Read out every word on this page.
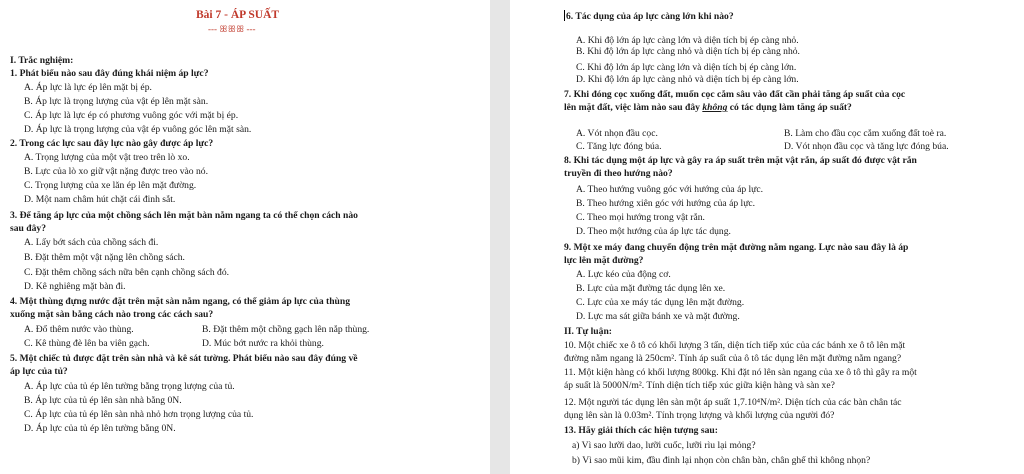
Bài 7 - ÁP SUẤT
--- ꕥꕥꕥ ---
I. Trắc nghiệm:
1. Phát biểu nào sau đây đúng khái niệm áp lực?
A. Áp lực là lực ép lên mặt bị ép.
B. Áp lực là trọng lượng của vật ép lên mặt sàn.
C. Áp lực là lực ép có phương vuông góc với mặt bị ép.
D. Áp lực là trọng lượng của vật ép vuông góc lên mặt sàn.
2. Trong các lực sau đây lực nào gây được áp lực?
A. Trọng lượng của một vật treo trên lò xo.
B. Lực của lò xo giữ vật nặng được treo vào nó.
C. Trọng lượng của xe lăn ép lên mặt đường.
D. Một nam châm hút chặt cái đinh sắt.
3. Để tăng áp lực của một chồng sách lên mặt bàn nằm ngang ta có thể chọn cách nào
sau đây?
A. Lấy bớt sách của chồng sách đi.
B. Đặt thêm một vật nặng lên chồng sách.
C. Đặt thêm chồng sách nữa bên cạnh chồng sách đó.
D. Kê nghiêng mặt bàn đi.
4. Một thùng đựng nước đặt trên mặt sàn nằm ngang, có thể giảm áp lực của thùng
xuống mặt sàn bằng cách nào trong các cách sau?
A. Đổ thêm nước vào thùng.	B. Đặt thêm một chồng gạch lên nắp thùng.
C. Kê thùng đè lên ba viên gạch.	D. Múc bớt nước ra khỏi thùng.
5. Một chiếc tủ được đặt trên sàn nhà và kê sát tường. Phát biểu nào sau đây đúng về
áp lực của tủ?
A. Áp lực của tủ ép lên tường bằng trọng lượng của tủ.
B. Áp lực của tủ ép lên sàn nhà bằng 0N.
C. Áp lực của tủ ép lên sàn nhà nhỏ hơn trọng lượng của tủ.
D. Áp lực của tủ ép lên tường bằng 0N.
6. Tác dụng của áp lực càng lớn khi nào?
A. Khi độ lớn áp lực càng lớn và diện tích bị ép càng nhỏ.
B. Khi độ lớn áp lực càng nhỏ và diện tích bị ép càng nhỏ.
C. Khi độ lớn áp lực càng lớn và diện tích bị ép càng lớn.
D. Khi độ lớn áp lực càng nhỏ và diện tích bị ép càng lớn.
7. Khi đóng cọc xuống đất, muốn cọc cắm sâu vào đất cần phải tăng áp suất của cọc
lên mặt đất, việc làm nào sau đây không có tác dụng làm tăng áp suất?
A. Vót nhọn đầu cọc.	B. Làm cho đầu cọc cắm xuống đất toè ra.
C. Tăng lực đóng búa.	D. Vót nhọn đầu cọc và tăng lực đóng búa.
8. Khi tác dụng một áp lực và gây ra áp suất trên mặt vật rắn, áp suất đó được vật rắn
truyền đi theo hướng nào?
A. Theo hướng vuông góc với hướng của áp lực.
B. Theo hướng xiên góc với hướng của áp lực.
C. Theo mọi hướng trong vật rắn.
D. Theo một hướng của áp lực tác dụng.
9. Một xe máy đang chuyển động trên mặt đường nằm ngang. Lực nào sau đây là áp
lực lên mặt đường?
A. Lực kéo của động cơ.
B. Lực của mặt đường tác dụng lên xe.
C. Lực của xe máy tác dụng lên mặt đường.
D. Lực ma sát giữa bánh xe và mặt đường.
II. Tự luận:
10. Một chiếc xe ô tô có khối lượng 3 tấn, diện tích tiếp xúc của các bánh xe ô tô lên mặt
đường nằm ngang là 250cm². Tính áp suất của ô tô tác dụng lên mặt đường nằm ngang?
11. Một kiện hàng có khối lượng 800kg. Khi đặt nó lên sàn ngang của xe ô tô thì gây ra một
áp suất là 5000N/m². Tính diện tích tiếp xúc giữa kiện hàng và sàn xe?
12. Một người tác dụng lên sàn một áp suất 1,7.10⁴N/m². Diện tích của các bàn chân tác
dụng lên sàn là 0.03m². Tính trọng lượng và khối lượng của người đó?
13. Hãy giải thích các hiện tượng sau:
a) Vì sao lưỡi dao, lưỡi cuốc, lưỡi rìu lại mỏng?
b) Vì sao mũi kim, đầu đinh lại nhọn còn chân bàn, chân ghế thì không nhọn?
